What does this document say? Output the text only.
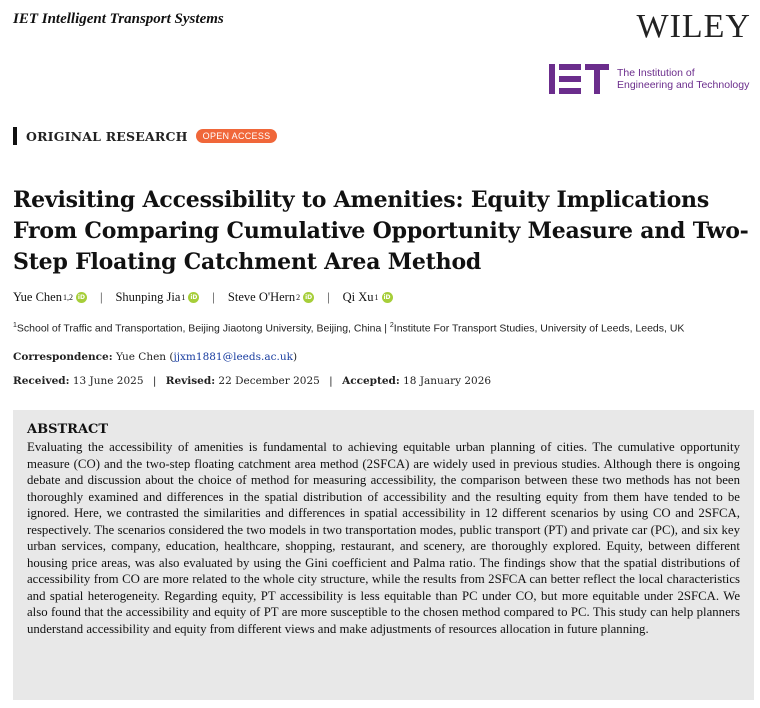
IET Intelligent Transport Systems	WILEY
The Institution of
Engineering and Technology
ORIGINAL RESEARCH	OPEN ACCESS
Revisiting Accessibility to Amenities: Equity Implications From Comparing Cumulative Opportunity Measure and Two-Step Floating Catchment Area Method
Yue Chen 1,2 iD | Shunping Jia 1 iD | Steve O'Hern 2 iD | Qi Xu 1 iD
$^1$School of Traffic and Transportation, Beijing Jiaotong University, Beijing, China | $^2$Institute For Transport Studies, University of Leeds, Leeds, UK
Correspondence: Yue Chen (jjxm1881@leeds.ac.uk)
Received: 13 June 2025 | Revised: 22 December 2025 | Accepted: 18 January 2026
ABSTRACT

Evaluating the accessibility of amenities is fundamental to achieving equitable urban planning of cities. The cumulative opportunity measure (CO) and the two-step floating catchment area method (2SFCA) are widely used in previous studies. Although there is ongoing debate and discussion about the choice of method for measuring accessibility, the comparison between these two methods has not been thoroughly examined and differences in the spatial distribution of accessibility and the resulting equity from them have tended to be ignored. Here, we contrasted the similarities and differences in spatial accessibility in 12 different scenarios by using CO and 2SFCA, respectively. The scenarios considered the two models in two transportation modes, public transport (PT) and private car (PC), and six key urban services, company, education, healthcare, shopping, restaurant, and scenery, are thoroughly explored. Equity, between different housing price areas, was also evaluated by using the Gini coefficient and Palma ratio. The findings show that the spatial distributions of accessibility from CO are more related to the whole city structure, while the results from 2SFCA can better reflect the local characteristics and spatial heterogeneity. Regarding equity, PT accessibility is less equitable than PC under CO, but more equitable under 2SFCA. We also found that the accessibility and equity of PT are more susceptible to the chosen method compared to PC. This study can help planners understand accessibility and equity from different views and make adjustments of resources allocation in future planning.
